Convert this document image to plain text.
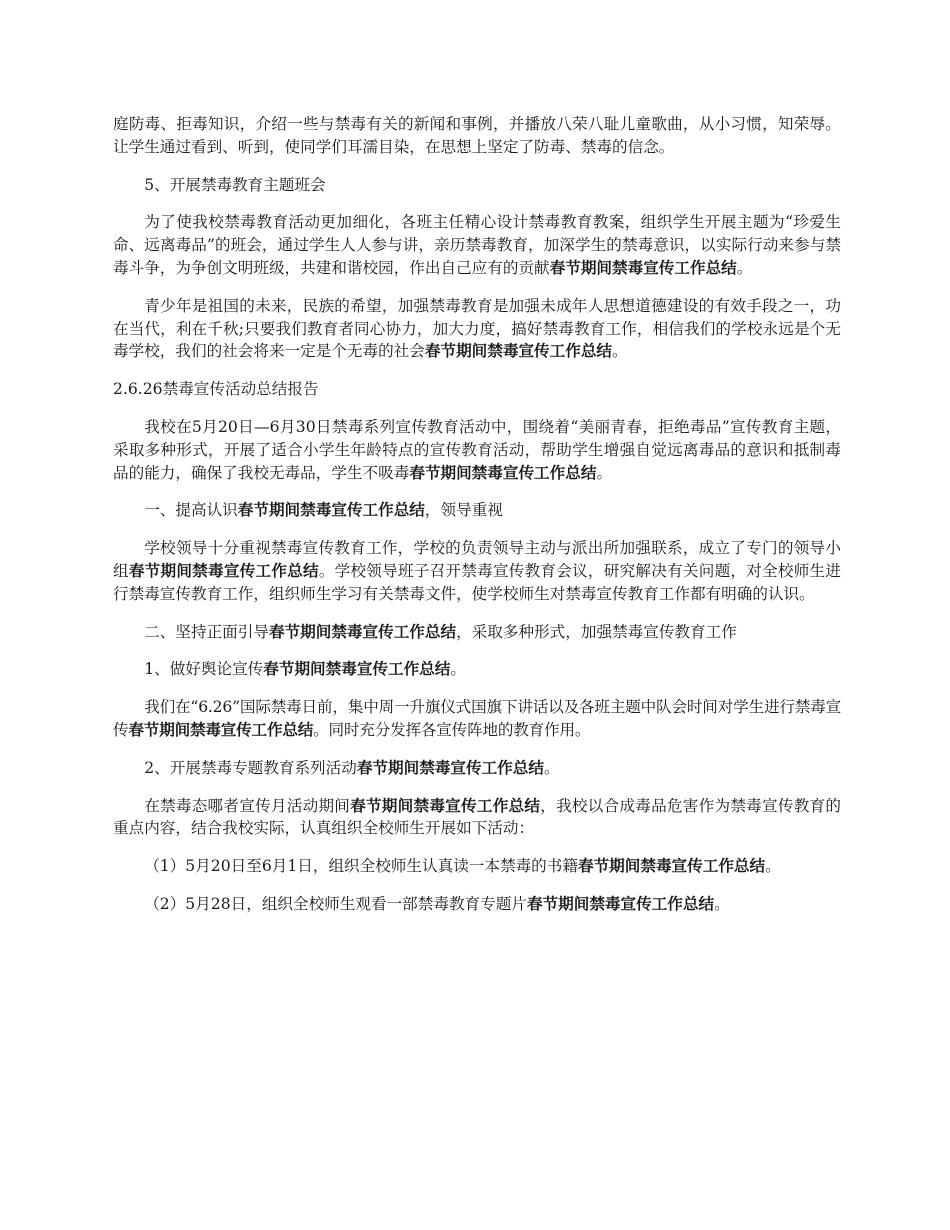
庭防毒、拒毒知识，介绍一些与禁毒有关的新闻和事例，并播放八荣八耻儿童歌曲，从小习惯，知荣辱。让学生通过看到、听到，使同学们耳濡目染，在思想上坚定了防毒、禁毒的信念。

5、开展禁毒教育主题班会

为了使我校禁毒教育活动更加细化，各班主任精心设计禁毒教育教案，组织学生开展主题为“珍爱生命、远离毒品”的班会，通过学生人人参与讲，亲历禁毒教育，加深学生的禁毒意识，以实际行动来参与禁毒斗争，为争创文明班级，共建和谐校园，作出自己应有的贡献春节期间禁毒宣传工作总结。

青少年是祖国的未来，民族的希望，加强禁毒教育是加强未成年人思想道德建设的有效手段之一，功在当代，利在千秋;只要我们教育者同心协力，加大力度，搞好禁毒教育工作，相信我们的学校永远是个无毒学校，我们的社会将来一定是个无毒的社会春节期间禁毒宣传工作总结。

2.6.26禁毒宣传活动总结报告

我校在5月20日—6月30日禁毒系列宣传教育活动中，围绕着“美丽青春，拒绝毒品”宣传教育主题，采取多种形式，开展了适合小学生年龄特点的宣传教育活动，帮助学生增强自觉远离毒品的意识和抵制毒品的能力，确保了我校无毒品，学生不吸毒春节期间禁毒宣传工作总结。

一、提高认识春节期间禁毒宣传工作总结，领导重视

学校领导十分重视禁毒宣传教育工作，学校的负责领导主动与派出所加强联系，成立了专门的领导小组春节期间禁毒宣传工作总结。学校领导班子召开禁毒宣传教育会议，研究解决有关问题，对全校师生进行禁毒宣传教育工作，组织师生学习有关禁毒文件，使学校师生对禁毒宣传教育工作都有明确的认识。

二、坚持正面引导春节期间禁毒宣传工作总结，采取多种形式，加强禁毒宣传教育工作

1、做好舆论宣传春节期间禁毒宣传工作总结。

我们在“6.26”国际禁毒日前，集中周一升旗仪式国旗下讲话以及各班主题中队会时间对学生进行禁毒宣传春节期间禁毒宣传工作总结。同时充分发挥各宣传阵地的教育作用。

2、开展禁毒专题教育系列活动春节期间禁毒宣传工作总结。

在禁毒态哪者宣传月活动期间春节期间禁毒宣传工作总结，我校以合成毒品危害作为禁毒宣传教育的重点内容，结合我校实际，认真组织全校师生开展如下活动：

（1）5月20日至6月1日，组织全校师生认真读一本禁毒的书籍春节期间禁毒宣传工作总结。

（2）5月28日，组织全校师生观看一部禁毒教育专题片春节期间禁毒宣传工作总结。
